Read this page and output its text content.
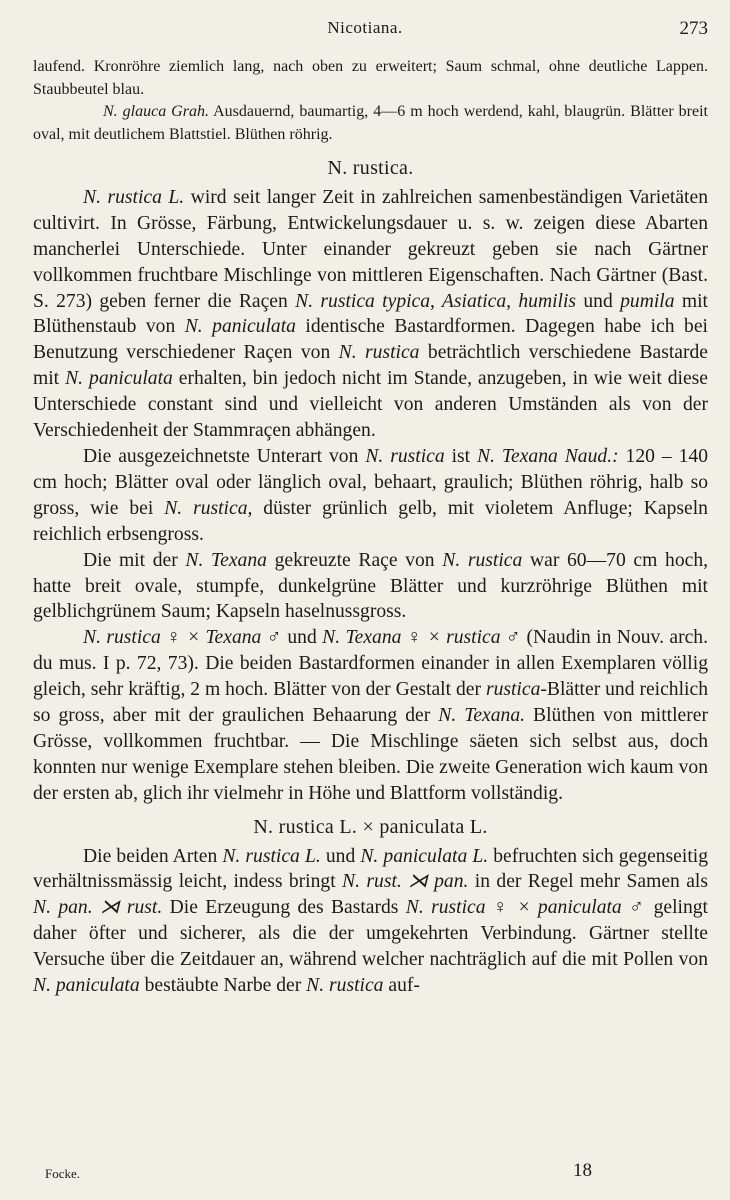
Nicotiana.	273

laufend. Kronröhre ziemlich lang, nach oben zu erweitert; Saum schmal, ohne deutliche Lappen. Staubbeutel blau.

N. glauca Grah. Ausdauernd, baumartig, 4—6 m hoch werdend, kahl, blaugrün. Blätter breit oval, mit deutlichem Blattstiel. Blüthen röhrig.

N. rustica.

N. rustica L. wird seit langer Zeit in zahlreichen samenbeständigen Varietäten cultivirt. In Grösse, Färbung, Entwickelungsdauer u. s. w. zeigen diese Abarten mancherlei Unterschiede. Unter einander gekreuzt geben sie nach Gärtner vollkommen fruchtbare Mischlinge von mittleren Eigenschaften. Nach Gärtner (Bast. S. 273) geben ferner die Raçen N. rustica typica, Asiatica, humilis und pumila mit Blüthenstaub von N. paniculata identische Bastardformen. Dagegen habe ich bei Benutzung verschiedener Raçen von N. rustica beträchtlich verschiedene Bastarde mit N. paniculata erhalten, bin jedoch nicht im Stande, anzugeben, in wie weit diese Unterschiede constant sind und vielleicht von anderen Umständen als von der Verschiedenheit der Stammraçen abhängen.

Die ausgezeichnetste Unterart von N. rustica ist N. Texana Naud.: 120 – 140 cm hoch; Blätter oval oder länglich oval, behaart, graulich; Blüthen röhrig, halb so gross, wie bei N. rustica, düster grünlich gelb, mit violetem Anfluge; Kapseln reichlich erbsengross.

Die mit der N. Texana gekreuzte Raçe von N. rustica war 60—70 cm hoch, hatte breit ovale, stumpfe, dunkelgrüne Blätter und kurzröhrige Blüthen mit gelblichgrünem Saum; Kapseln haselnussgross.

N. rustica ♀ × Texana ♂ und N. Texana ♀ × rustica ♂ (Naudin in Nouv. arch. du mus. I p. 72, 73). Die beiden Bastardformen einander in allen Exemplaren völlig gleich, sehr kräftig, 2 m hoch. Blätter von der Gestalt der rustica-Blätter und reichlich so gross, aber mit der graulichen Behaarung der N. Texana. Blüthen von mittlerer Grösse, vollkommen fruchtbar. — Die Mischlinge säeten sich selbst aus, doch konnten nur wenige Exemplare stehen bleiben. Die zweite Generation wich kaum von der ersten ab, glich ihr vielmehr in Höhe und Blattform vollständig.

N. rustica L. × paniculata L.

Die beiden Arten N. rustica L. und N. paniculata L. befruchten sich gegenseitig verhältnissmässig leicht, indess bringt N. rust. ⋊ pan. in der Regel mehr Samen als N. pan. ⋊ rust. Die Erzeugung des Bastards N. rustica ♀ × paniculata ♂ gelingt daher öfter und sicherer, als die der umgekehrten Verbindung. Gärtner stellte Versuche über die Zeitdauer an, während welcher nachträglich auf die mit Pollen von N. paniculata bestäubte Narbe der N. rustica auf-

Focke.	18
